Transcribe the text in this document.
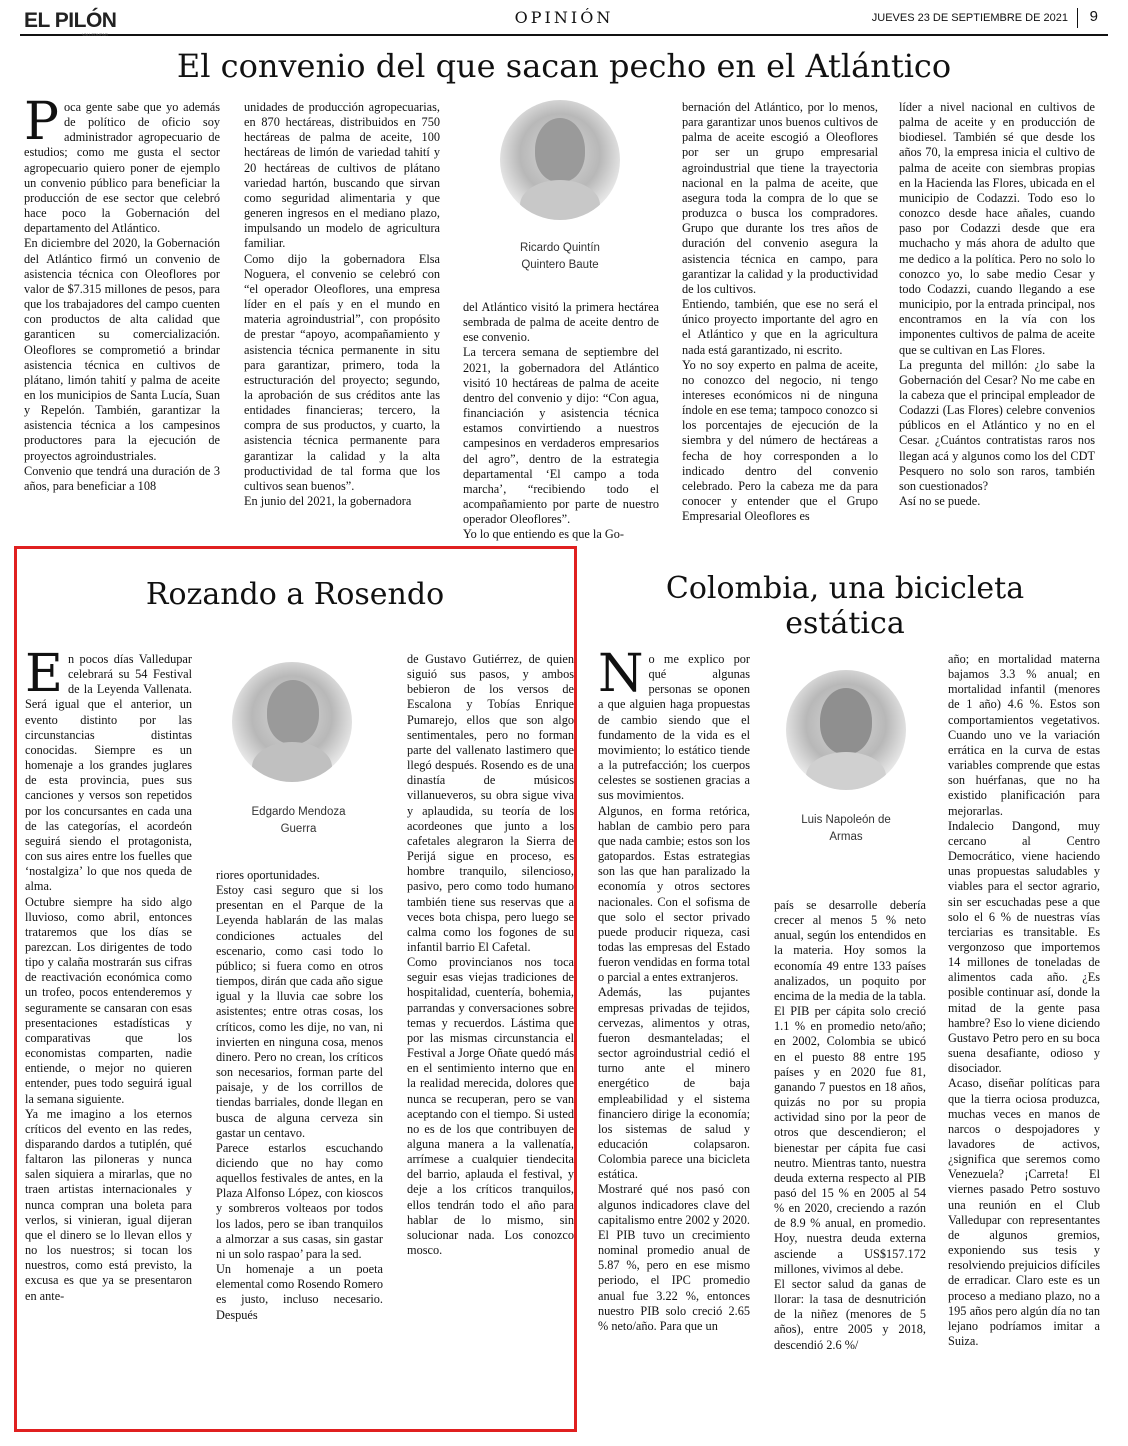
EL PILÓN
VALLEDUPAR
OPINIÓN	JUEVES 23 DE SEPTIEMBRE DE 2021 9
El convenio del que sacan pecho en el Atlántico
Poca gente sabe que yo además de político de oficio soy administrador agropecuario de estudios; como me gusta el sector agropecuario quiero poner de ejemplo un convenio público para beneficiar la producción de ese sector que celebró hace poco la Gobernación del departamento del Atlántico.
En diciembre del 2020, la Gobernación del Atlántico firmó un convenio de asistencia técnica con Oleoflores por valor de $7.315 millones de pesos, para que los trabajadores del campo cuenten con productos de alta calidad que garanticen su comercialización. Oleoflores se comprometió a brindar asistencia técnica en cultivos de plátano, limón tahití y palma de aceite en los municipios de Santa Lucía, Suan y Repelón. También, garantizar la asistencia técnica a los campesinos productores para la ejecución de proyectos agroindustriales.
Convenio que tendrá una duración de 3 años, para beneficiar a 108
unidades de producción agropecuarias, en 870 hectáreas, distribuidos en 750 hectáreas de palma de aceite, 100 hectáreas de limón de variedad tahití y 20 hectáreas de cultivos de plátano variedad hartón, buscando que sirvan como seguridad alimentaria y que generen ingresos en el mediano plazo, impulsando un modelo de agricultura familiar.
Como dijo la gobernadora Elsa Noguera, el convenio se celebró con “el operador Oleoflores, una empresa líder en el país y en el mundo en materia agroindustrial”, con propósito de prestar “apoyo, acompañamiento y asistencia técnica permanente in situ para garantizar, primero, toda la estructuración del proyecto; segundo, la aprobación de sus créditos ante las entidades financieras; tercero, la compra de sus productos, y cuarto, la asistencia técnica permanente para garantizar la calidad y la alta productividad de tal forma que los cultivos sean buenos”.
En junio del 2021, la gobernadora
Ricardo Quintín
Quintero Baute
del Atlántico visitó la primera hectárea sembrada de palma de aceite dentro de ese convenio.
La tercera semana de septiembre del 2021, la gobernadora del Atlántico visitó 10 hectáreas de palma de aceite dentro del convenio y dijo: “Con agua, financiación y asistencia técnica estamos convirtiendo a nuestros campesinos en verdaderos empresarios del agro”, dentro de la estrategia departamental ‘El campo a toda marcha’, “recibiendo todo el acompañamiento por parte de nuestro operador Oleoflores”.
Yo lo que entiendo es que la Go-
bernación del Atlántico, por lo menos, para garantizar unos buenos cultivos de palma de aceite escogió a Oleoflores por ser un grupo empresarial agroindustrial que tiene la trayectoria nacional en la palma de aceite, que asegura toda la compra de lo que se produzca o busca los compradores. Grupo que durante los tres años de duración del convenio asegura la asistencia técnica en campo, para garantizar la calidad y la productividad de los cultivos.
Entiendo, también, que ese no será el único proyecto importante del agro en el Atlántico y que en la agricultura nada está garantizado, ni escrito.
Yo no soy experto en palma de aceite, no conozco del negocio, ni tengo intereses económicos ni de ninguna índole en ese tema; tampoco conozco si los porcentajes de ejecución de la siembra y del número de hectáreas a fecha de hoy corresponden a lo indicado dentro del convenio celebrado. Pero la cabeza me da para conocer y entender que el Grupo Empresarial Oleoflores es
líder a nivel nacional en cultivos de palma de aceite y en producción de biodiesel. También sé que desde los años 70, la empresa inicia el cultivo de palma de aceite con siembras propias en la Hacienda las Flores, ubicada en el municipio de Codazzi. Todo eso lo conozco desde hace añales, cuando paso por Codazzi desde que era muchacho y más ahora de adulto que me dedico a la política. Pero no solo lo conozco yo, lo sabe medio Cesar y todo Codazzi, cuando llegando a ese municipio, por la entrada principal, nos encontramos en la vía con los imponentes cultivos de palma de aceite que se cultivan en Las Flores.
La pregunta del millón: ¿lo sabe la Gobernación del Cesar? No me cabe en la cabeza que el principal empleador de Codazzi (Las Flores) celebre convenios públicos en el Atlántico y no en el Cesar. ¿Cuántos contratistas raros nos llegan acá y algunos como los del CDT Pesquero no solo son raros, también son cuestionados?
Así no se puede.
Rozando a Rosendo
En pocos días Valledupar celebrará su 54 Festival de la Leyenda Vallenata. Será igual que el anterior, un evento distinto por las circunstancias distintas conocidas. Siempre es un homenaje a los grandes juglares de esta provincia, pues sus canciones y versos son repetidos por los concursantes en cada una de las categorías, el acordeón seguirá siendo el protagonista, con sus aires entre los fuelles que ‘nostalgiza’ lo que nos queda de alma.
Octubre siempre ha sido algo lluvioso, como abril, entonces trataremos que los días se parezcan. Los dirigentes de todo tipo y calaña mostrarán sus cifras de reactivación económica como un trofeo, pocos entenderemos y seguramente se cansaran con esas presentaciones estadísticas y comparativas que los economistas comparten, nadie entiende, o mejor no quieren entender, pues todo seguirá igual la semana siguiente.
Ya me imagino a los eternos críticos del evento en las redes, disparando dardos a tutiplén, qué faltaron las piloneras y nunca salen siquiera a mirarlas, que no traen artistas internacionales y nunca compran una boleta para verlos, si vinieran, igual dijeran que el dinero se lo llevan ellos y no los nuestros; si tocan los nuestros, como está previsto, la excusa es que ya se presentaron en ante-
Edgardo Mendoza
Guerra
riores oportunidades.
Estoy casi seguro que si los presentan en el Parque de la Leyenda hablarán de las malas condiciones actuales del escenario, como casi todo lo público; si fuera como en otros tiempos, dirán que cada año sigue igual y la lluvia cae sobre los asistentes; entre otras cosas, los críticos, como les dije, no van, ni invierten en ninguna cosa, menos dinero. Pero no crean, los críticos son necesarios, forman parte del paisaje, y de los corrillos de tiendas barriales, donde llegan en busca de alguna cerveza sin gastar un centavo.
Parece estarlos escuchando diciendo que no hay como aquellos festivales de antes, en la Plaza Alfonso López, con kioscos y sombreros volteaos por todos los lados, pero se iban tranquilos a almorzar a sus casas, sin gastar ni un solo raspao’ para la sed.
Un homenaje a un poeta elemental como Rosendo Romero es justo, incluso necesario. Después
de Gustavo Gutiérrez, de quien siguió sus pasos, y ambos bebieron de los versos de Escalona y Tobías Enrique Pumarejo, ellos que son algo sentimentales, pero no forman parte del vallenato lastimero que llegó después. Rosendo es de una dinastía de músicos villanueveros, su obra sigue viva y aplaudida, su teoría de los acordeones que junto a los cafetales alegraron la Sierra de Perijá sigue en proceso, es hombre tranquilo, silencioso, pasivo, pero como todo humano también tiene sus reservas que a veces bota chispa, pero luego se calma como los fogones de su infantil barrio El Cafetal.
Como provincianos nos toca seguir esas viejas tradiciones de hospitalidad, cuentería, bohemia, parrandas y conversaciones sobre temas y recuerdos. Lástima que por las mismas circunstancia el Festival a Jorge Oñate quedó más en el sentimiento interno que en la realidad merecida, dolores que nunca se recuperan, pero se van aceptando con el tiempo. Si usted no es de los que contribuyen de alguna manera a la vallenatía, arrímese a cualquier tiendecita del barrio, aplauda el festival, y deje a los críticos tranquilos, ellos tendrán todo el año para hablar de lo mismo, sin solucionar nada. Los conozco mosco.
Colombia, una bicicleta
estática
No me explico por qué algunas personas se oponen a que alguien haga propuestas de cambio siendo que el fundamento de la vida es el movimiento; lo estático tiende a la putrefacción; los cuerpos celestes se sostienen gracias a sus movimientos.
Algunos, en forma retórica, hablan de cambio pero para que nada cambie; estos son los gatopardos. Estas estrategias son las que han paralizado la economía y otros sectores nacionales. Con el sofisma de que solo el sector privado puede producir riqueza, casi todas las empresas del Estado fueron vendidas en forma total o parcial a entes extranjeros.
Además, las pujantes empresas privadas de tejidos, cervezas, alimentos y otras, fueron desmanteladas; el sector agroindustrial cedió el turno ante el minero energético de baja empleabilidad y el sistema financiero dirige la economía; los sistemas de salud y educación colapsaron. Colombia parece una bicicleta estática.
Mostraré qué nos pasó con algunos indicadores clave del capitalismo entre 2002 y 2020. El PIB tuvo un crecimiento nominal promedio anual de 5.87 %, pero en ese mismo periodo, el IPC promedio anual fue 3.22 %, entonces nuestro PIB solo creció 2.65 % neto/año. Para que un
Luis Napoleón de
Armas
país se desarrolle debería crecer al menos 5 % neto anual, según los entendidos en la materia. Hoy somos la economía 49 entre 133 países analizados, un poquito por encima de la media de la tabla.
El PIB per cápita solo creció 1.1 % en promedio neto/año; en 2002, Colombia se ubicó en el puesto 88 entre 195 países y en 2020 fue 81, ganando 7 puestos en 18 años, quizás no por su propia actividad sino por la peor de otros que descendieron; el bienestar per cápita fue casi neutro. Mientras tanto, nuestra deuda externa respecto al PIB pasó del 15 % en 2005 al 54 % en 2020, creciendo a razón de 8.9 % anual, en promedio. Hoy, nuestra deuda externa asciende a US$157.172 millones, vivimos al debe.
El sector salud da ganas de llorar: la tasa de desnutrición de la niñez (menores de 5 años), entre 2005 y 2018, descendió 2.6 %/
año; en mortalidad materna bajamos 3.3 % anual; en mortalidad infantil (menores de 1 año) 4.6 %. Estos son comportamientos vegetativos. Cuando uno ve la variación errática en la curva de estas variables comprende que estas son huérfanas, que no ha existido planificación para mejorarlas.
Indalecio Dangond, muy cercano al Centro Democrático, viene haciendo unas propuestas saludables y viables para el sector agrario, sin ser escuchadas pese a que solo el 6 % de nuestras vías terciarias es transitable. Es vergonzoso que importemos 14 millones de toneladas de alimentos cada año. ¿Es posible continuar así, donde la mitad de la gente pasa hambre? Eso lo viene diciendo Gustavo Petro pero en su boca suena desafiante, odioso y disociador.
Acaso, diseñar políticas para que la tierra ociosa produzca, muchas veces en manos de narcos o despojadores y lavadores de activos, ¿significa que seremos como Venezuela? ¡Carreta! El viernes pasado Petro sostuvo una reunión en el Club Valledupar con representantes de algunos gremios, exponiendo sus tesis y resolviendo prejuicios difíciles de erradicar. Claro este es un proceso a mediano plazo, no a 195 años pero algún día no tan lejano podríamos imitar a Suiza.
